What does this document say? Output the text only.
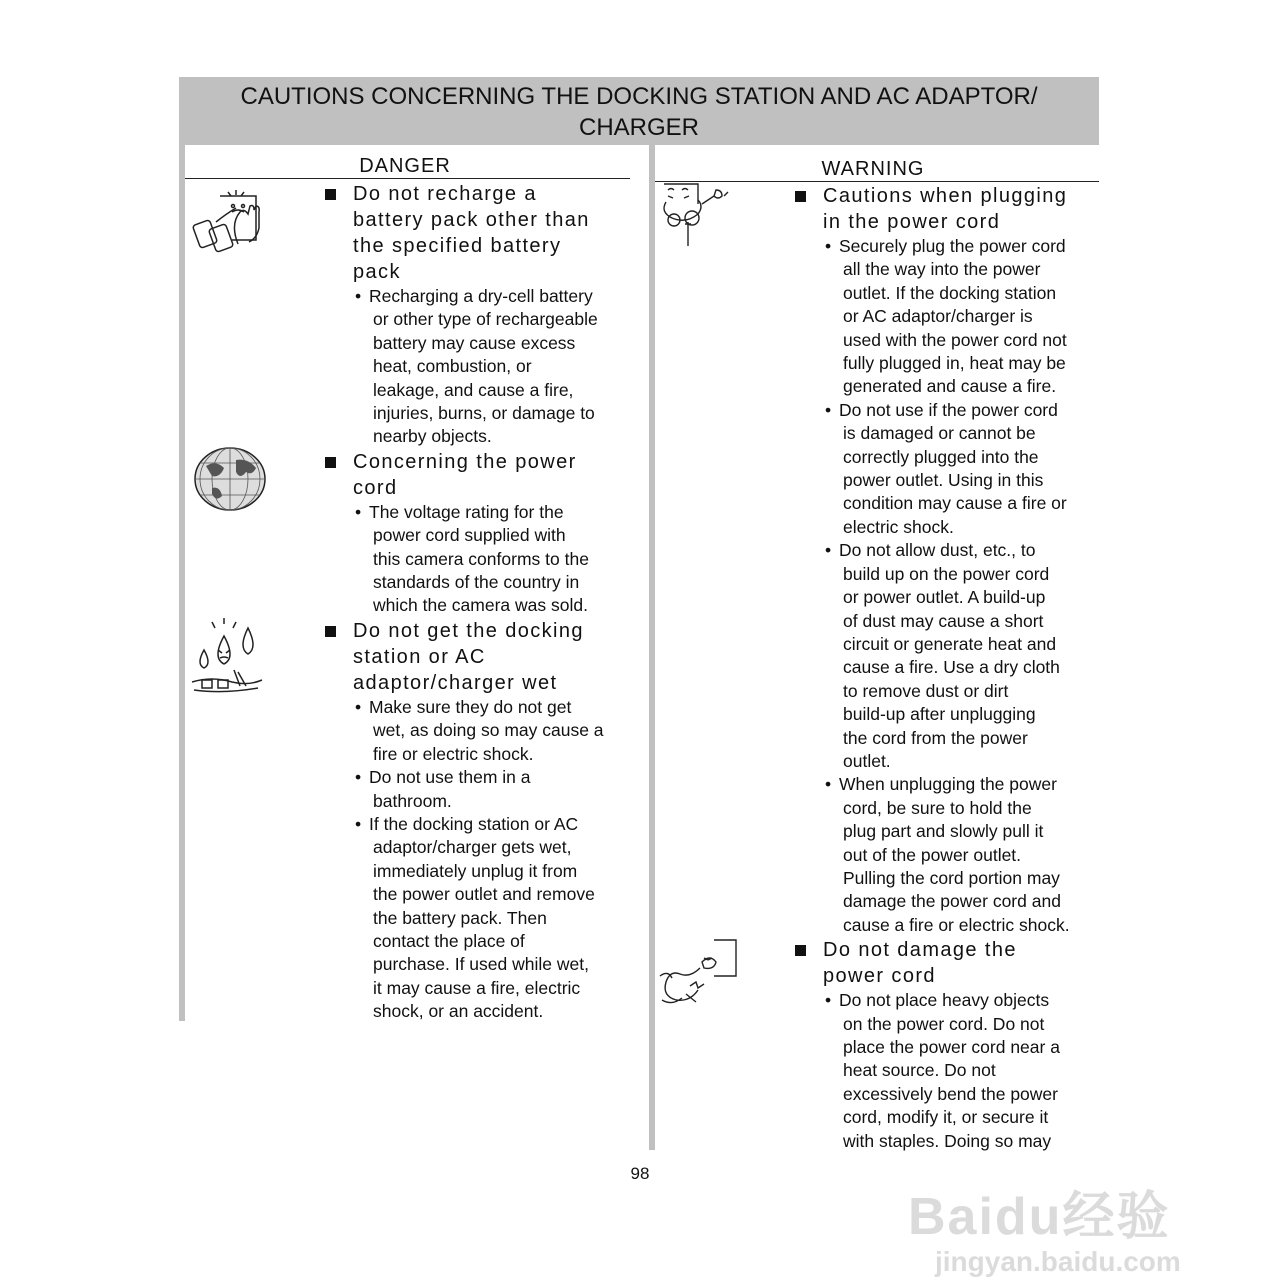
CAUTIONS CONCERNING THE DOCKING STATION AND AC ADAPTOR/
CHARGER
DANGER	WARNING
Do not recharge a
battery pack other than
the specified battery
pack
• Recharging a dry-cell battery
or other type of rechargeable
battery may cause excess
heat, combustion, or
leakage, and cause a fire,
injuries, burns, or damage to
nearby objects.
Concerning the power
cord
• The voltage rating for the
power cord supplied with
this camera conforms to the
standards of the country in
which the camera was sold.
Do not get the docking
station or AC
adaptor/charger wet
• Make sure they do not get
wet, as doing so may cause a
fire or electric shock.
• Do not use them in a
bathroom.
• If the docking station or AC
adaptor/charger gets wet,
immediately unplug it from
the power outlet and remove
the battery pack. Then
contact the place of
purchase. If used while wet,
it may cause a fire, electric
shock, or an accident.
Cautions when plugging
in the power cord
• Securely plug the power cord
all the way into the power
outlet. If the docking station
or AC adaptor/charger is
used with the power cord not
fully plugged in, heat may be
generated and cause a fire.
• Do not use if the power cord
is damaged or cannot be
correctly plugged into the
power outlet. Using in this
condition may cause a fire or
electric shock.
• Do not allow dust, etc., to
build up on the power cord
or power outlet. A build-up
of dust may cause a short
circuit or generate heat and
cause a fire. Use a dry cloth
to remove dust or dirt
build-up after unplugging
the cord from the power
outlet.
• When unplugging the power
cord, be sure to hold the
plug part and slowly pull it
out of the power outlet.
Pulling the cord portion may
damage the power cord and
cause a fire or electric shock.
Do not damage the
power cord
• Do not place heavy objects
on the power cord. Do not
place the power cord near a
heat source. Do not
excessively bend the power
cord, modify it, or secure it
with staples. Doing so may
98
Baidu经验
jingyan.baidu.com
